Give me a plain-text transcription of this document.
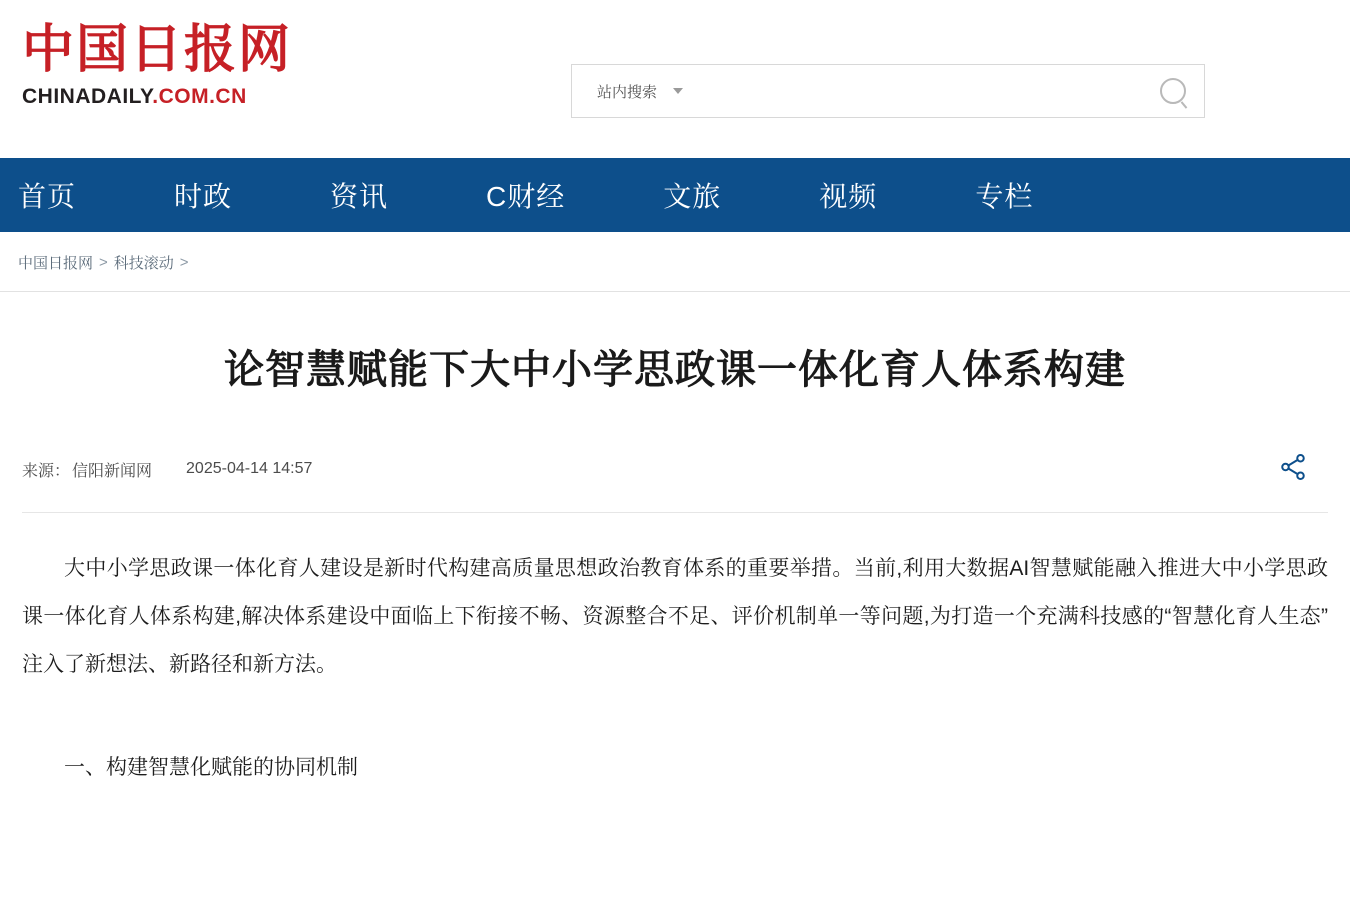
中国日报网
CHINADAILY.COM.CN	站内搜索
首页	时政	资讯	C财经	文旅	视频	专栏
中国日报网 > 科技滚动 >
论智慧赋能下大中小学思政课一体化育人体系构建
来源： 信阳新闻网 2025-04-14 14:57

大中小学思政课一体化育人建设是新时代构建高质量思想政治教育体系的重要举措。当前,利用大数据AI智慧赋能融入推进大中小学思政课一体化育人体系构建,解决体系建设中面临上下衔接不畅、资源整合不足、评价机制单一等问题,为打造一个充满科技感的“智慧化育人生态”注入了新想法、新路径和新方法。

一、构建智慧化赋能的协同机制
